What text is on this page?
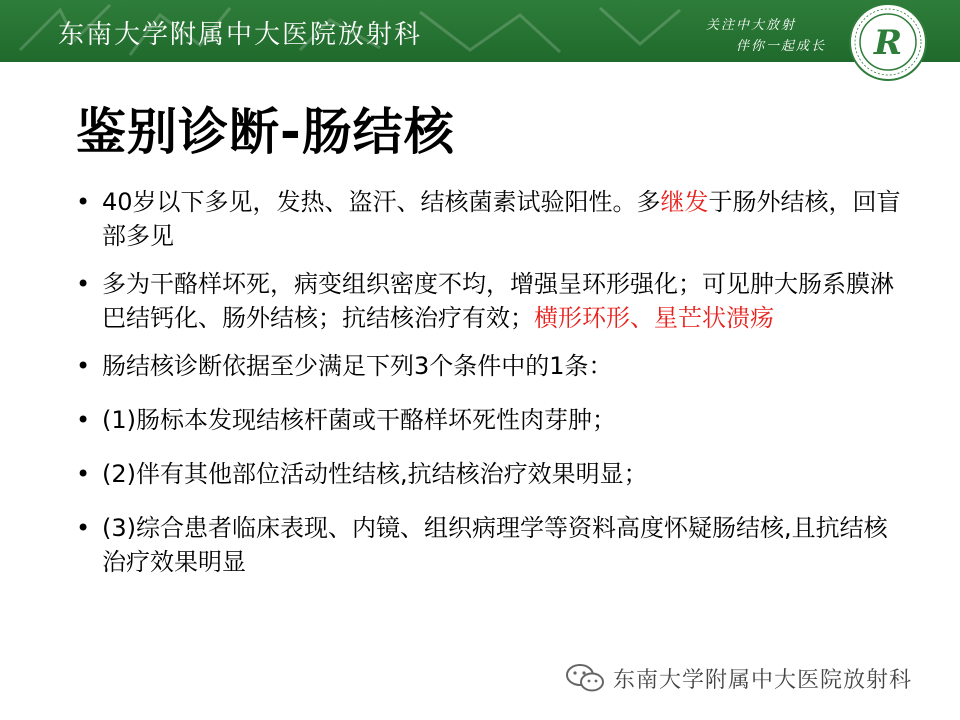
东南大学附属中大医院放射科	关注中大放射
伴你一起成长 R
鉴别诊断-肠结核
• 40岁以下多见，发热、盗汗、结核菌素试验阳性。多继发于肠外结核，回盲部多见
• 多为干酪样坏死，病变组织密度不均，增强呈环形强化；可见肿大肠系膜淋巴结钙化、肠外结核；抗结核治疗有效；横形环形、星芒状溃疡
• 肠结核诊断依据至少满足下列3个条件中的1条：
• (1)肠标本发现结核杆菌或干酪样坏死性肉芽肿；
• (2)伴有其他部位活动性结核,抗结核治疗效果明显；
• (3)综合患者临床表现、内镜、组织病理学等资料高度怀疑肠结核,且抗结核治疗效果明显
东南大学附属中大医院放射科
